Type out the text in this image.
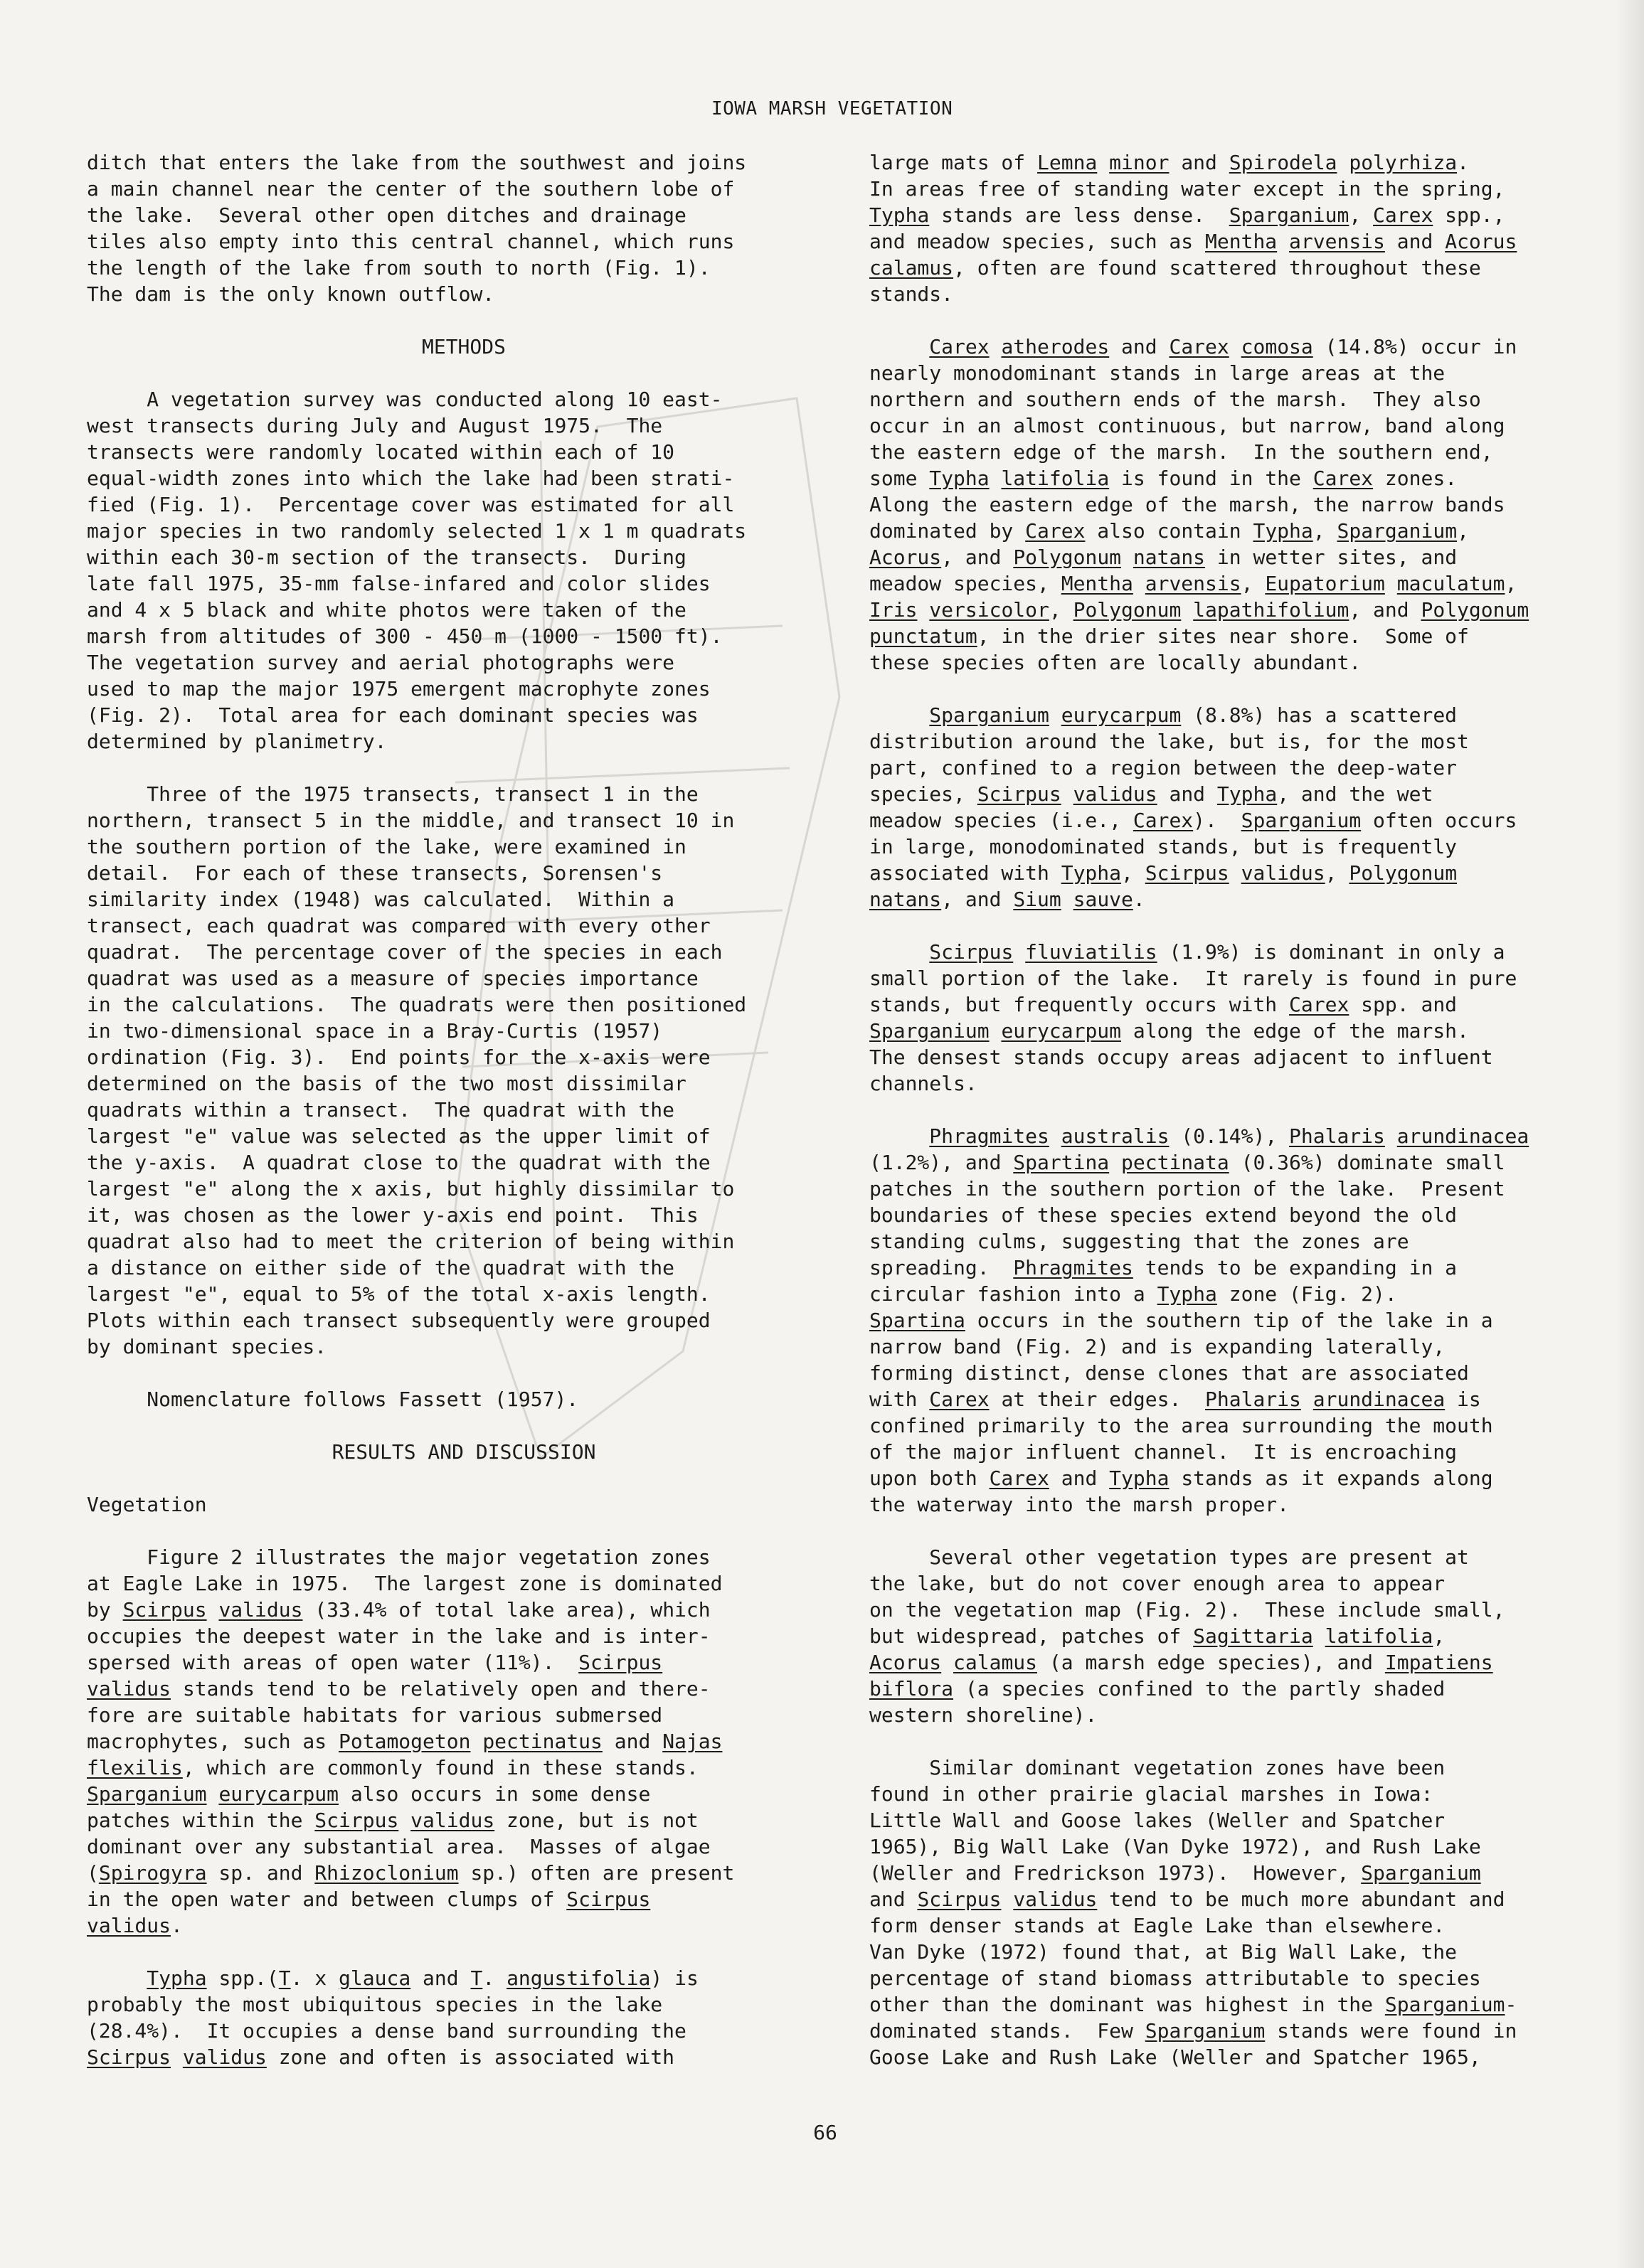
IOWA MARSH VEGETATION
ditch that enters the lake from the southwest and joins
a main channel near the center of the southern lobe of
the lake.  Several other open ditches and drainage
tiles also empty into this central channel, which runs
the length of the lake from south to north (Fig. 1).
The dam is the only known outflow.
METHODS
A vegetation survey was conducted along 10 east-
west transects during July and August 1975.  The
transects were randomly located within each of 10
equal-width zones into which the lake had been strati-
fied (Fig. 1).  Percentage cover was estimated for all
major species in two randomly selected 1 x 1 m quadrats
within each 30-m section of the transects.  During
late fall 1975, 35-mm false-infared and color slides
and 4 x 5 black and white photos were taken of the
marsh from altitudes of 300 - 450 m (1000 - 1500 ft).
The vegetation survey and aerial photographs were
used to map the major 1975 emergent macrophyte zones
(Fig. 2).  Total area for each dominant species was
determined by planimetry.
Three of the 1975 transects, transect 1 in the
northern, transect 5 in the middle, and transect 10 in
the southern portion of the lake, were examined in
detail.  For each of these transects, Sorensen's
similarity index (1948) was calculated.  Within a
transect, each quadrat was compared with every other
quadrat.  The percentage cover of the species in each
quadrat was used as a measure of species importance
in the calculations.  The quadrats were then positioned
in two-dimensional space in a Bray-Curtis (1957)
ordination (Fig. 3).  End points for the x-axis were
determined on the basis of the two most dissimilar
quadrats within a transect.  The quadrat with the
largest "e" value was selected as the upper limit of
the y-axis.  A quadrat close to the quadrat with the
largest "e" along the x axis, but highly dissimilar to
it, was chosen as the lower y-axis end point.  This
quadrat also had to meet the criterion of being within
a distance on either side of the quadrat with the
largest "e", equal to 5% of the total x-axis length.
Plots within each transect subsequently were grouped
by dominant species.
Nomenclature follows Fassett (1957).
RESULTS AND DISCUSSION
Vegetation
Figure 2 illustrates the major vegetation zones
at Eagle Lake in 1975.  The largest zone is dominated
by Scirpus validus (33.4% of total lake area), which
occupies the deepest water in the lake and is inter-
spersed with areas of open water (11%).  Scirpus
validus stands tend to be relatively open and there-
fore are suitable habitats for various submersed
macrophytes, such as Potamogeton pectinatus and Najas
flexilis, which are commonly found in these stands.
Sparganium eurycarpum also occurs in some dense
patches within the Scirpus validus zone, but is not
dominant over any substantial area.  Masses of algae
(Spirogyra sp. and Rhizoclonium sp.) often are present
in the open water and between clumps of Scirpus
validus.
Typha spp.(T. x glauca and T. angustifolia) is
probably the most ubiquitous species in the lake
(28.4%).  It occupies a dense band surrounding the
Scirpus validus zone and often is associated with
large mats of Lemna minor and Spirodela polyrhiza.
In areas free of standing water except in the spring,
Typha stands are less dense.  Sparganium, Carex spp.,
and meadow species, such as Mentha arvensis and Acorus
calamus, often are found scattered throughout these
stands.
Carex atherodes and Carex comosa (14.8%) occur in
nearly monodominant stands in large areas at the
northern and southern ends of the marsh.  They also
occur in an almost continuous, but narrow, band along
the eastern edge of the marsh.  In the southern end,
some Typha latifolia is found in the Carex zones.
Along the eastern edge of the marsh, the narrow bands
dominated by Carex also contain Typha, Sparganium,
Acorus, and Polygonum natans in wetter sites, and
meadow species, Mentha arvensis, Eupatorium maculatum,
Iris versicolor, Polygonum lapathifolium, and Polygonum
punctatum, in the drier sites near shore.  Some of
these species often are locally abundant.
Sparganium eurycarpum (8.8%) has a scattered
distribution around the lake, but is, for the most
part, confined to a region between the deep-water
species, Scirpus validus and Typha, and the wet
meadow species (i.e., Carex).  Sparganium often occurs
in large, monodominated stands, but is frequently
associated with Typha, Scirpus validus, Polygonum
natans, and Sium sauve.
Scirpus fluviatilis (1.9%) is dominant in only a
small portion of the lake.  It rarely is found in pure
stands, but frequently occurs with Carex spp. and
Sparganium eurycarpum along the edge of the marsh.
The densest stands occupy areas adjacent to influent
channels.
Phragmites australis (0.14%), Phalaris arundinacea
(1.2%), and Spartina pectinata (0.36%) dominate small
patches in the southern portion of the lake.  Present
boundaries of these species extend beyond the old
standing culms, suggesting that the zones are
spreading.  Phragmites tends to be expanding in a
circular fashion into a Typha zone (Fig. 2).
Spartina occurs in the southern tip of the lake in a
narrow band (Fig. 2) and is expanding laterally,
forming distinct, dense clones that are associated
with Carex at their edges.  Phalaris arundinacea is
confined primarily to the area surrounding the mouth
of the major influent channel.  It is encroaching
upon both Carex and Typha stands as it expands along
the waterway into the marsh proper.
Several other vegetation types are present at
the lake, but do not cover enough area to appear
on the vegetation map (Fig. 2).  These include small,
but widespread, patches of Sagittaria latifolia,
Acorus calamus (a marsh edge species), and Impatiens
biflora (a species confined to the partly shaded
western shoreline).
Similar dominant vegetation zones have been
found in other prairie glacial marshes in Iowa:
Little Wall and Goose lakes (Weller and Spatcher
1965), Big Wall Lake (Van Dyke 1972), and Rush Lake
(Weller and Fredrickson 1973).  However, Sparganium
and Scirpus validus tend to be much more abundant and
form denser stands at Eagle Lake than elsewhere.
Van Dyke (1972) found that, at Big Wall Lake, the
percentage of stand biomass attributable to species
other than the dominant was highest in the Sparganium-
dominated stands.  Few Sparganium stands were found in
Goose Lake and Rush Lake (Weller and Spatcher 1965,
66
